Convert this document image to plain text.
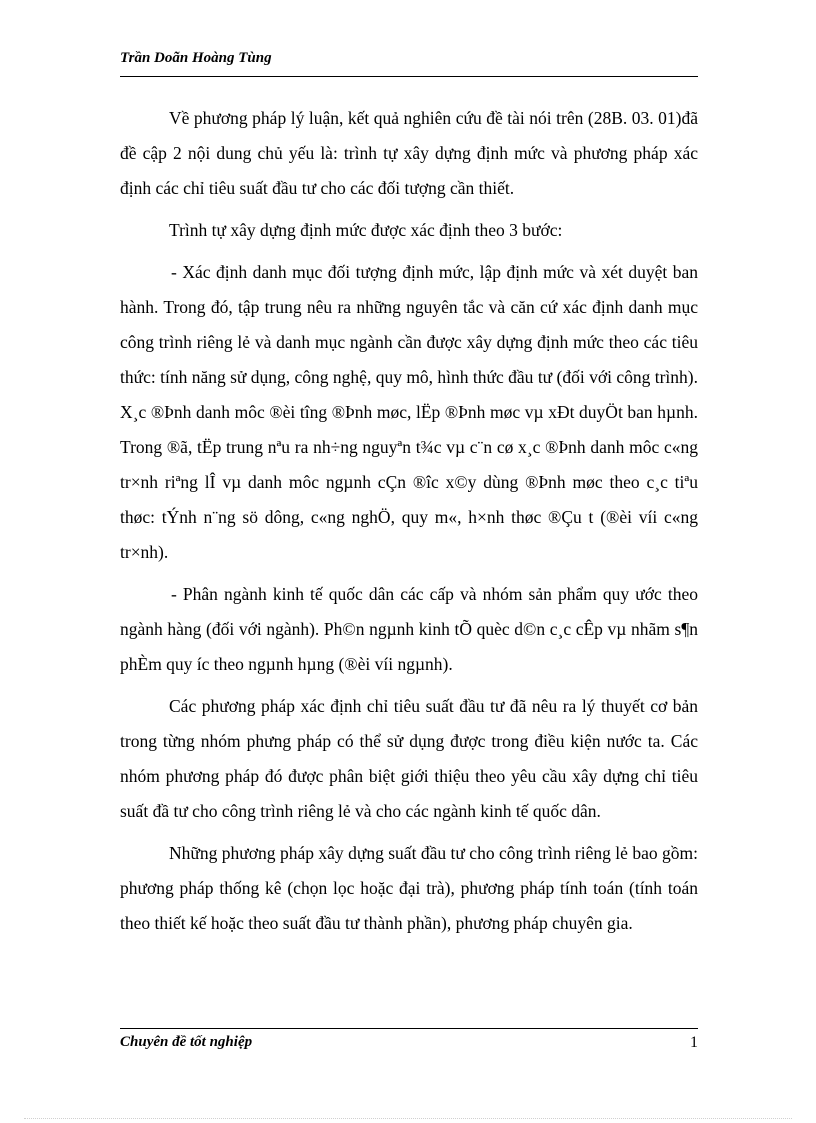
Trần Doãn Hoàng Tùng

Về phương pháp lý luận, kết quả nghiên cứu đề tài nói trên (28B. 03. 01)đã đề cập 2 nội dung chủ yếu là: trình tự xây dựng định mức và phương pháp xác định các chỉ tiêu suất đầu tư cho các đối tượng cần thiết.

Trình tự xây dựng định mức được xác định theo 3 bước:

- Xác định danh mục đối tượng định mức, lập định mức và xét duyệt ban hành. Trong đó, tập trung nêu ra những nguyên tắc và căn cứ xác định danh mục công trình riêng lẻ và danh mục ngành cần được xây dựng định mức theo các tiêu thức: tính năng sử dụng, công nghệ, quy mô, hình thức đầu tư (đối với công trình). X¸c ®Þnh danh môc ®èi tîng ®Þnh møc, lËp ®Þnh møc vµ xÐt duyÖt ban hµnh. Trong ®ã, tËp trung nªu ra nh÷ng nguyªn t¾c vµ c¨n cø x¸c ®Þnh danh môc c«ng tr×nh riªng lÎ vµ danh môc ngµnh cÇn ®îc x©y dùng ®Þnh møc theo c¸c tiªu thøc: tÝnh n¨ng sö dông, c«ng nghÖ, quy m«, h×nh thøc ®Çu t (®èi víi c«ng tr×nh).

- Phân ngành kinh tế quốc dân các cấp và nhóm sản phẩm quy ước theo ngành hàng (đối với ngành). Ph©n ngµnh kinh tÕ quèc d©n c¸c cÊp vµ nhãm s¶n phÈm quy íc theo ngµnh hµng (®èi víi ngµnh).

Các phương pháp xác định chỉ tiêu suất đầu tư đã nêu ra lý thuyết cơ bản trong từng nhóm phưng pháp có thể sử dụng được trong điều kiện nước ta. Các nhóm phương pháp đó được phân biệt giới thiệu theo yêu cầu xây dựng chỉ tiêu suất đầ tư cho công trình riêng lẻ và cho các ngành kinh tế quốc dân.

Những phương pháp xây dựng suất đầu tư cho công trình riêng lẻ bao gồm: phương pháp thống kê (chọn lọc hoặc đại trà), phương pháp tính toán (tính toán theo thiết kế hoặc theo suất đầu tư thành phần), phương pháp chuyên gia.

Chuyên đề tốt nghiệp	1
